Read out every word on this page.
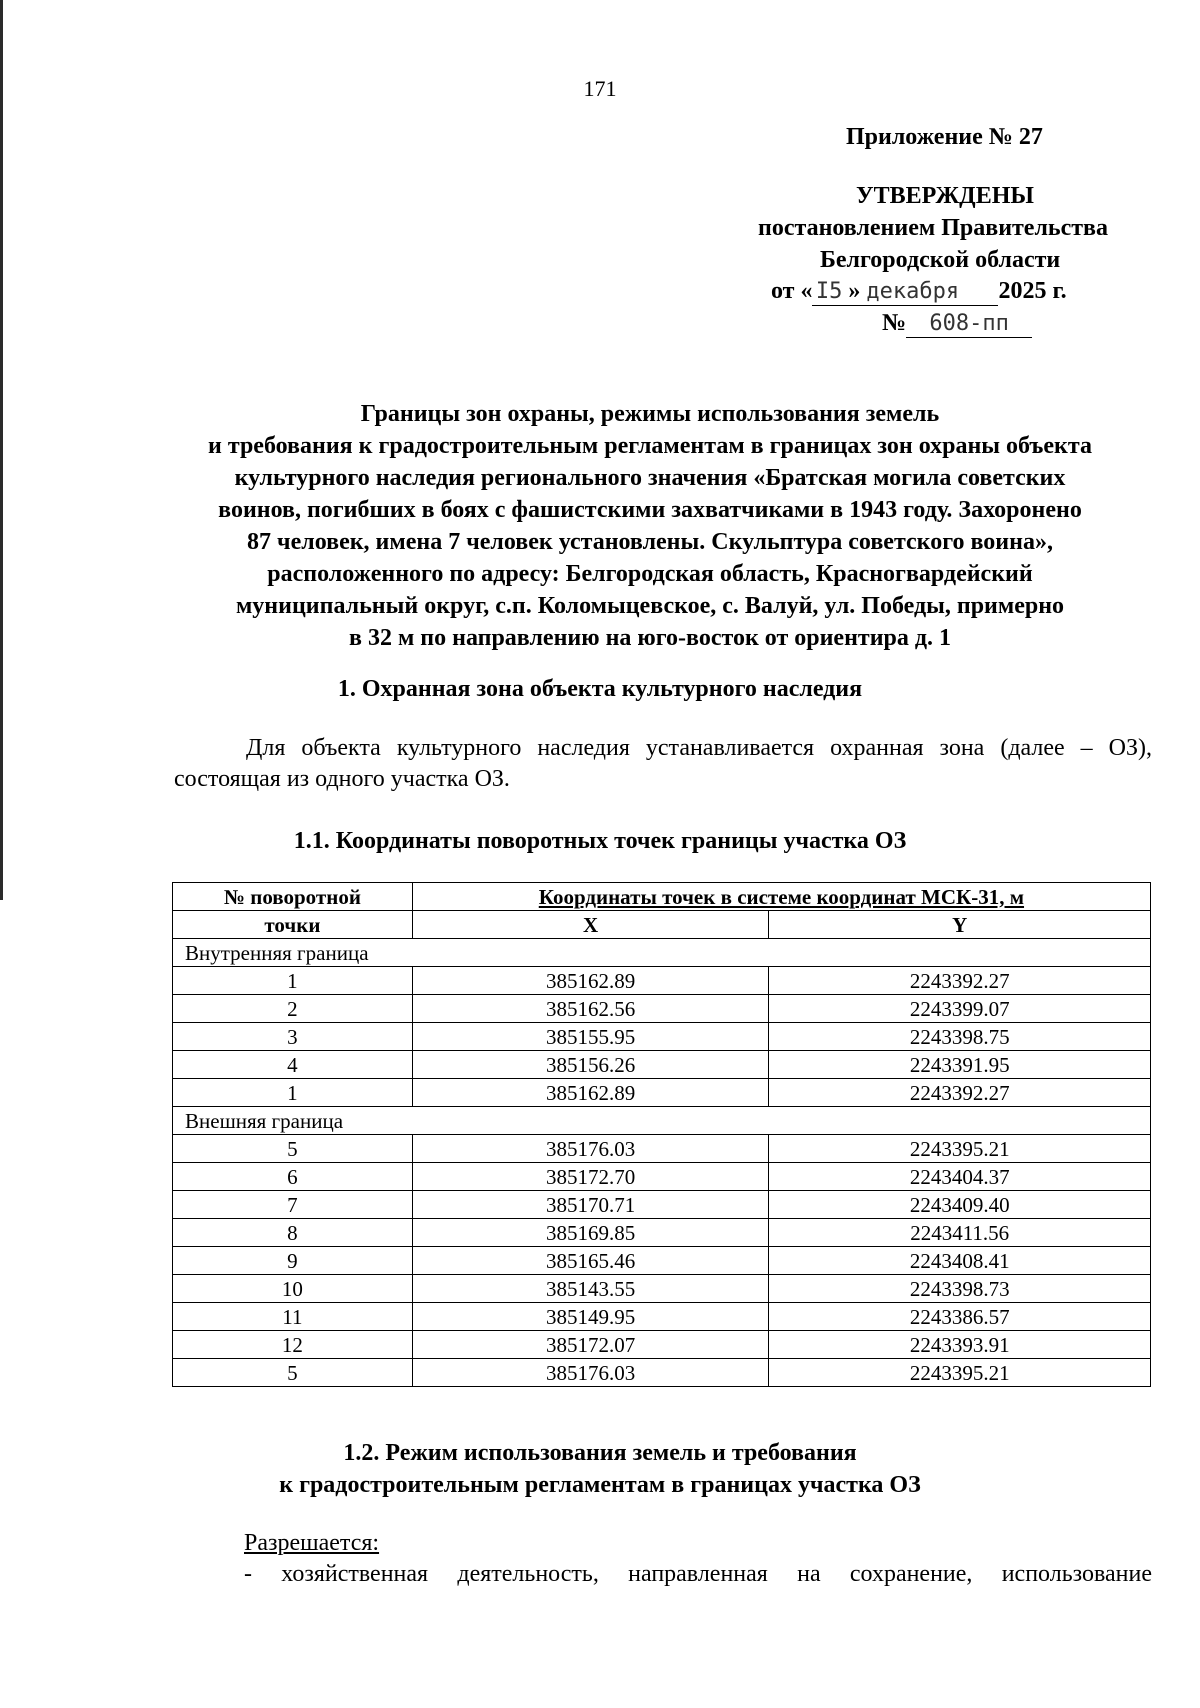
171
Приложение № 27
УТВЕРЖДЕНЫ
постановлением Правительства
Белгородской области
от « I5 » декабря 2025 г.
№ 608-пп
Границы зон охраны, режимы использования земель
и требования к градостроительным регламентам в границах зон охраны объекта
культурного наследия регионального значения «Братская могила советских
воинов, погибших в боях с фашистскими захватчиками в 1943 году. Захоронено
87 человек, имена 7 человек установлены. Скульптура советского воина»,
расположенного по адресу: Белгородская область, Красногвардейский
муниципальный округ, с.п. Коломыцевское, с. Валуй, ул. Победы, примерно
в 32 м по направлению на юго-восток от ориентира д. 1
1. Охранная зона объекта культурного наследия
Для объекта культурного наследия устанавливается охранная зона (далее – ОЗ),
состоящая из одного участка ОЗ.
1.1. Координаты поворотных точек границы участка ОЗ
№ поворотной	Координаты точек в системе координат МСК-31, м	
точки	X	Y
Внутренняя граница		
1	385162.89	2243392.27
2	385162.56	2243399.07
3	385155.95	2243398.75
4	385156.26	2243391.95
1	385162.89	2243392.27
Внешняя граница		
5	385176.03	2243395.21
6	385172.70	2243404.37
7	385170.71	2243409.40
8	385169.85	2243411.56
9	385165.46	2243408.41
10	385143.55	2243398.73
11	385149.95	2243386.57
12	385172.07	2243393.91
5	385176.03	2243395.21
1.2. Режим использования земель и требования
к градостроительным регламентам в границах участка ОЗ
Разрешается:
- хозяйственная деятельность, направленная на сохранение, использование
